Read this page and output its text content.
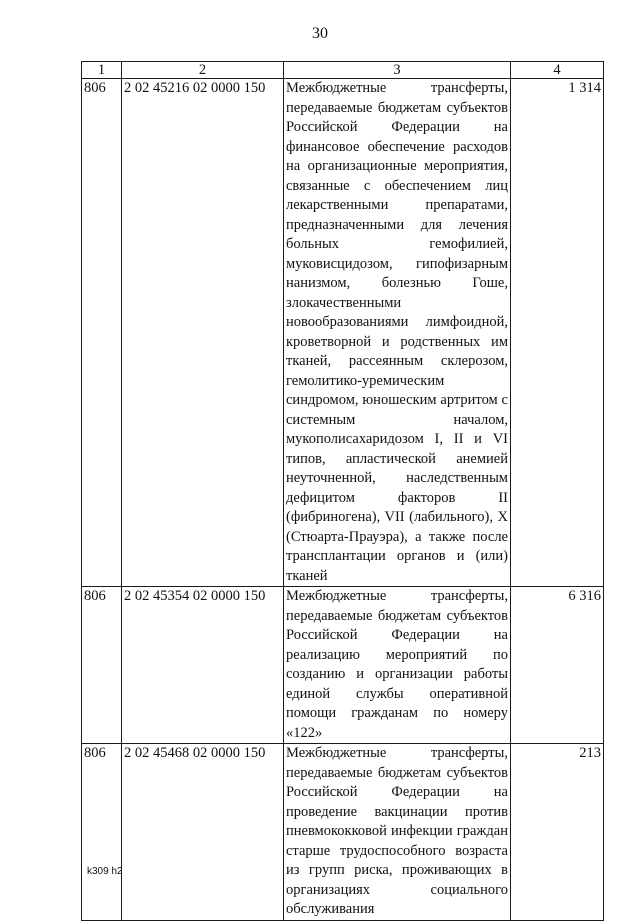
30
1	2	3	4
806	2 02 45216 02 0000 150	Межбюджетные трансферты, передаваемые бюджетам субъектов Российской Федерации на финансовое обеспечение расходов на организационные мероприятия, связанные с обеспечением лиц лекарственными препаратами, предназначенными для лечения больных гемофилией, муковисцидозом, гипофизарным нанизмом, болезнью Гоше, злокачественными новообразованиями лимфоидной, кроветворной и родственных им тканей, рассеянным склерозом, гемолитико-уремическим синдромом, юношеским артритом с системным началом, мукополисахаридозом I, II и VI типов, апластической анемией неуточненной, наследственным дефицитом факторов II (фибриногена), VII (лабильного), X (Стюарта-Прауэра), а также после трансплантации органов и (или) тканей	1 314
806	2 02 45354 02 0000 150	Межбюджетные трансферты, передаваемые бюджетам субъектов Российской Федерации на реализацию мероприятий по созданию и организации работы единой службы оперативной помощи гражданам по номеру «122»	6 316
806	2 02 45468 02 0000 150	Межбюджетные трансферты, передаваемые бюджетам субъектов Российской Федерации на проведение вакцинации против пневмококковой инфекции граждан старше трудоспособного возраста из групп риска, проживающих в организациях социального обслуживания	213
k309 h2
